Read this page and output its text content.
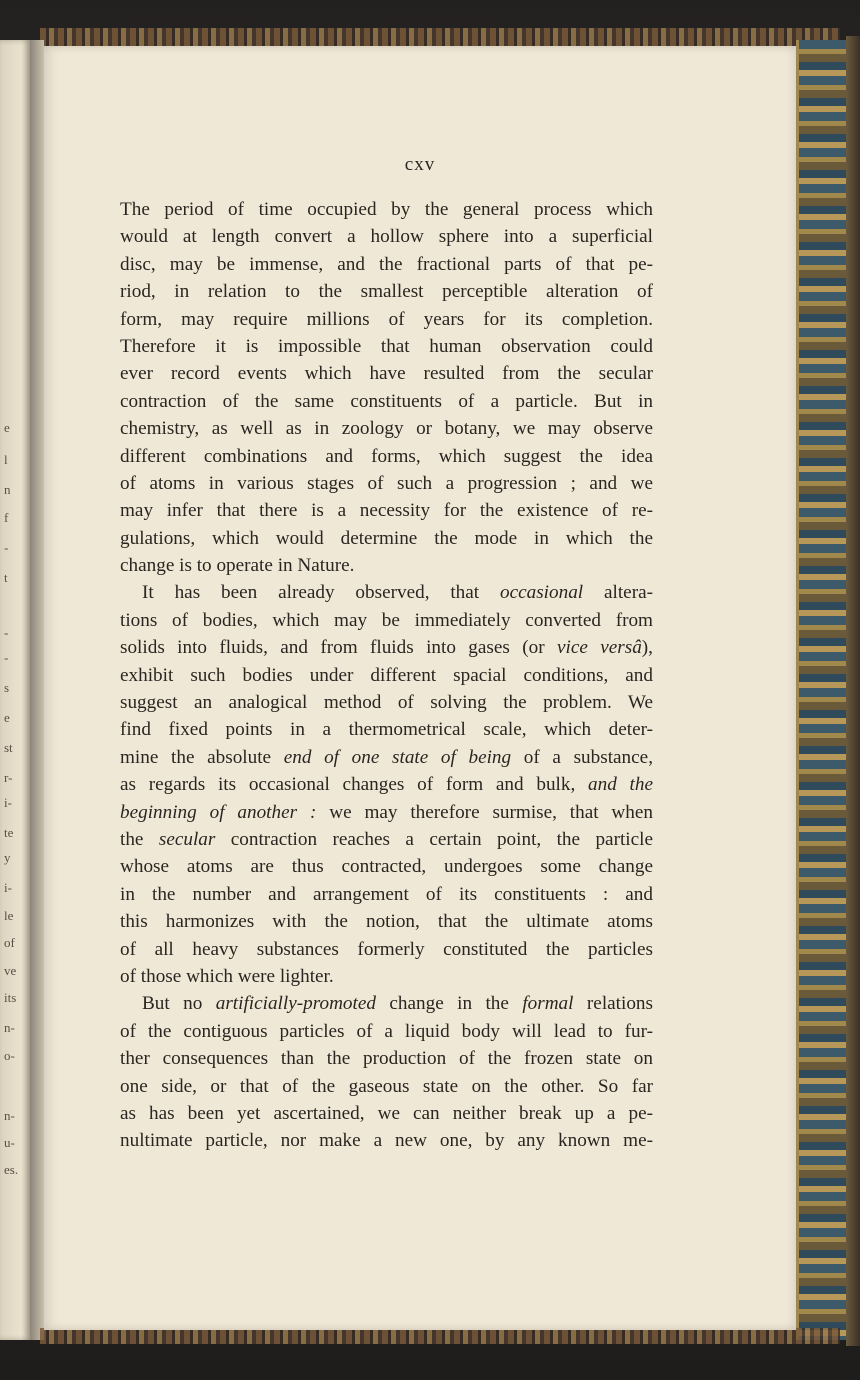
e
l
n
f
-
t
-
-
s
e
st
r-
i-
te
y
i-
le
of
ve
its
n-
o-
n-
u-
es.
cxv
The period of time occupied by the general process which
would at length convert a hollow sphere into a superficial
disc, may be immense, and the fractional parts of that pe-
riod, in relation to the smallest perceptible alteration of
form, may require millions of years for its completion.
Therefore it is impossible that human observation could
ever record events which have resulted from the secular
contraction of the same constituents of a particle. But in
chemistry, as well as in zoology or botany, we may observe
different combinations and forms, which suggest the idea
of atoms in various stages of such a progression ; and we
may infer that there is a necessity for the existence of re-
gulations, which would determine the mode in which the
change is to operate in Nature.
It has been already observed, that occasional altera-
tions of bodies, which may be immediately converted from
solids into fluids, and from fluids into gases (or vice versâ),
exhibit such bodies under different spacial conditions, and
suggest an analogical method of solving the problem. We
find fixed points in a thermometrical scale, which deter-
mine the absolute end of one state of being of a substance,
as regards its occasional changes of form and bulk, and the
beginning of another : we may therefore surmise, that when
the secular contraction reaches a certain point, the particle
whose atoms are thus contracted, undergoes some change
in the number and arrangement of its constituents : and
this harmonizes with the notion, that the ultimate atoms
of all heavy substances formerly constituted the particles
of those which were lighter.
But no artificially-promoted change in the formal relations
of the contiguous particles of a liquid body will lead to fur-
ther consequences than the production of the frozen state on
one side, or that of the gaseous state on the other. So far
as has been yet ascertained, we can neither break up a pe-
nultimate particle, nor make a new one, by any known me-
